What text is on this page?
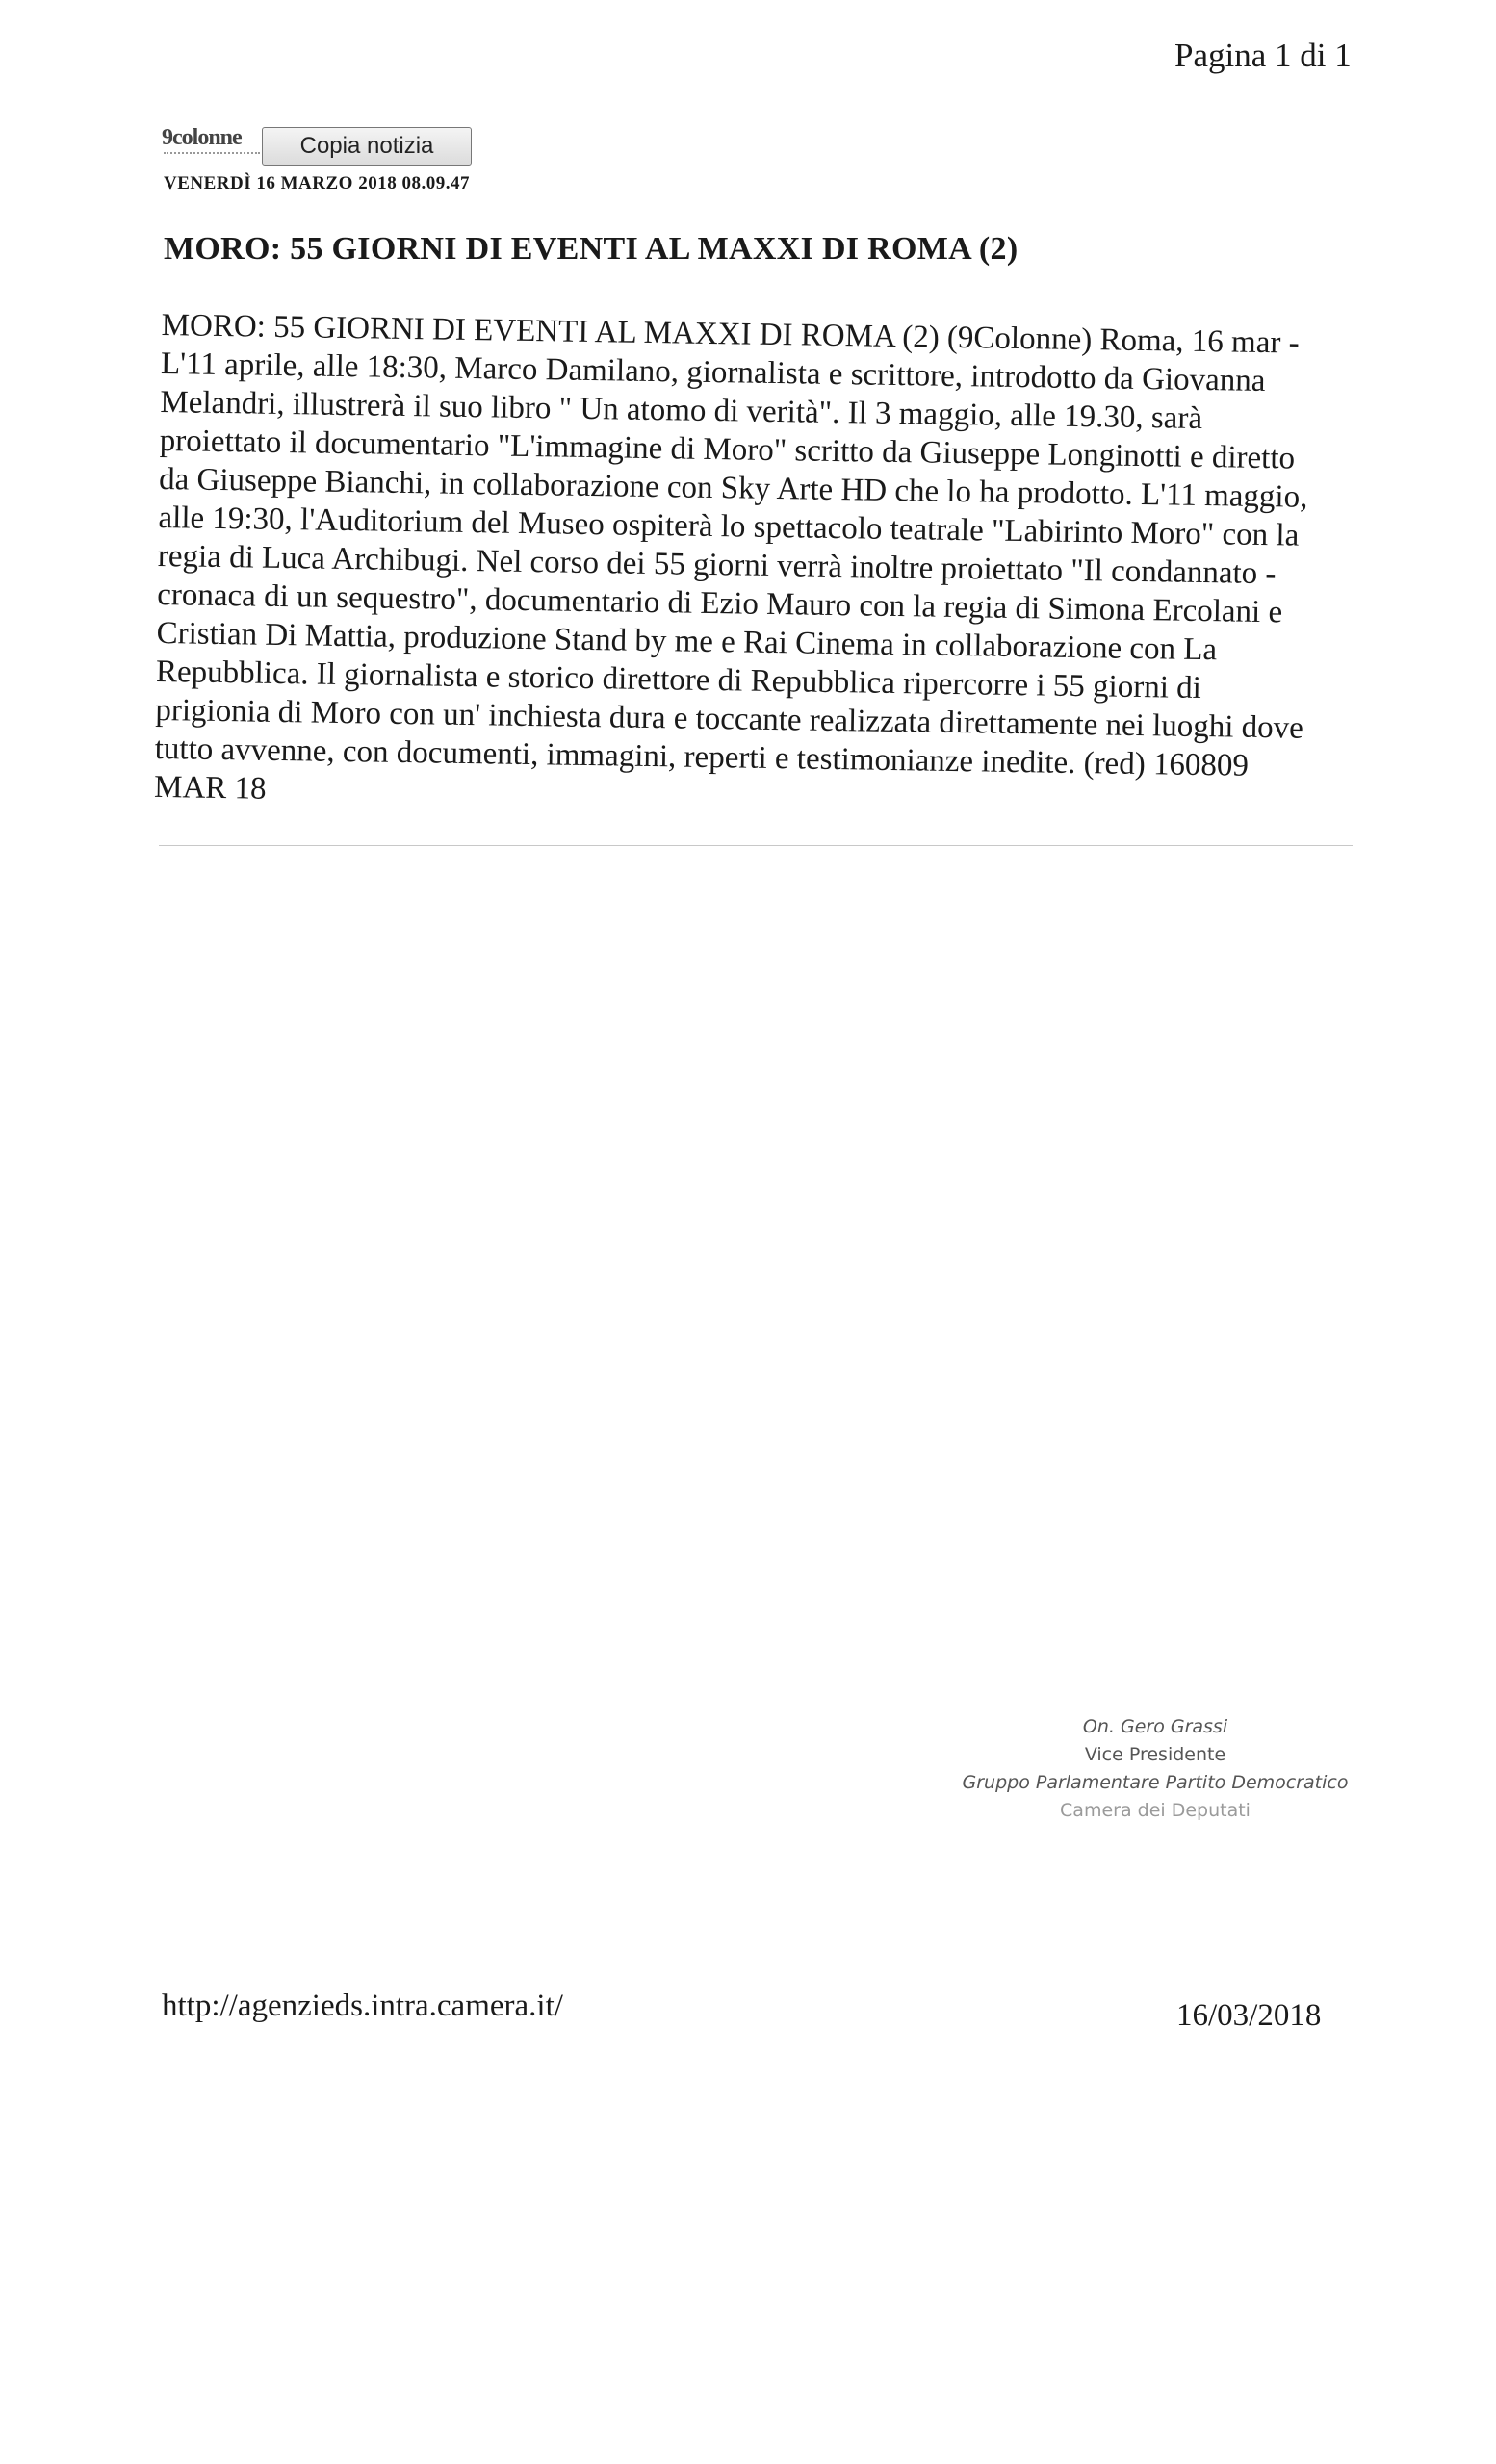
Pagina 1 di 1
9colonne	Copia notizia
VENERDÌ 16 MARZO 2018 08.09.47
MORO: 55 GIORNI DI EVENTI AL MAXXI DI ROMA (2)

MORO: 55 GIORNI DI EVENTI AL MAXXI DI ROMA (2) (9Colonne) Roma, 16 mar - L'11 aprile, alle 18:30, Marco Damilano, giornalista e scrittore, introdotto da Giovanna Melandri, illustrerà il suo libro " Un atomo di verità". Il 3 maggio, alle 19.30, sarà proiettato il documentario "L'immagine di Moro" scritto da Giuseppe Longinotti e diretto da Giuseppe Bianchi, in collaborazione con Sky Arte HD che lo ha prodotto. L'11 maggio, alle 19:30, l'Auditorium del Museo ospiterà lo spettacolo teatrale "Labirinto Moro" con la regia di Luca Archibugi. Nel corso dei 55 giorni verrà inoltre proiettato "Il condannato - cronaca di un sequestro", documentario di Ezio Mauro con la regia di Simona Ercolani e Cristian Di Mattia, produzione Stand by me e Rai Cinema in collaborazione con La Repubblica. Il giornalista e storico direttore di Repubblica ripercorre i 55 giorni di prigionia di Moro con un' inchiesta dura e toccante realizzata direttamente nei luoghi dove tutto avvenne, con documenti, immagini, reperti e testimonianze inedite. (red) 160809 MAR 18

On. Gero Grassi
Vice Presidente
Gruppo Parlamentare Partito Democratico
Camera dei Deputati
http://agenzieds.intra.camera.it/	16/03/2018
